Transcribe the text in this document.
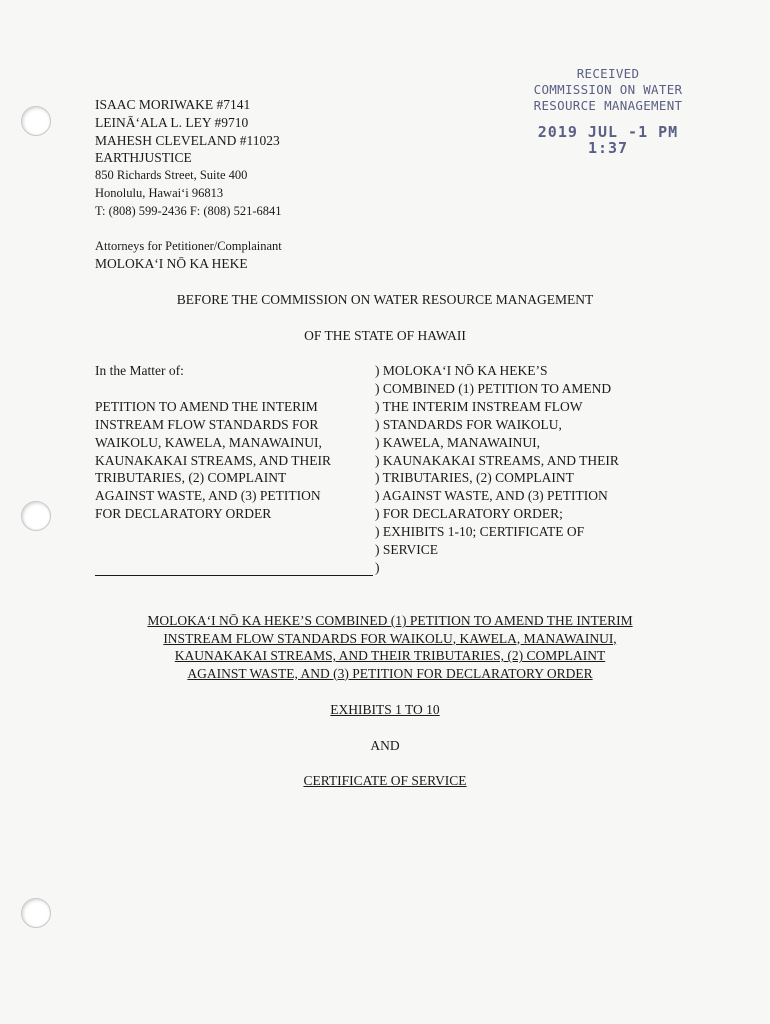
RECEIVED
COMMISSION ON WATER
RESOURCE MANAGEMENT
2019 JUL -1 PM 1:37
ISAAC MORIWAKE #7141
LEINĀ‘ALA L. LEY #9710
MAHESH CLEVELAND #11023
EARTHJUSTICE
850 Richards Street, Suite 400
Honolulu, Hawai‘i 96813
T: (808) 599-2436 F: (808) 521-6841
Attorneys for Petitioner/Complainant
MOLOKA‘I NŌ KA HEKE
BEFORE THE COMMISSION ON WATER RESOURCE MANAGEMENT
OF THE STATE OF HAWAII
In the Matter of:

PETITION TO AMEND THE INTERIM
INSTREAM FLOW STANDARDS FOR
WAIKOLU, KAWELA, MANAWAINUI,
KAUNAKAKAI STREAMS, AND THEIR
TRIBUTARIES, (2) COMPLAINT
AGAINST WASTE, AND (3) PETITION
FOR DECLARATORY ORDER
) MOLOKA‘I NŌ KA HEKE’S
) COMBINED (1) PETITION TO AMEND
) THE INTERIM INSTREAM FLOW
) STANDARDS FOR WAIKOLU,
) KAWELA, MANAWAINUI,
) KAUNAKAKAI STREAMS, AND THEIR
) TRIBUTARIES, (2) COMPLAINT
) AGAINST WASTE, AND (3) PETITION
) FOR DECLARATORY ORDER;
) EXHIBITS 1-10; CERTIFICATE OF
) SERVICE
)
MOLOKA‘I NŌ KA HEKE’S COMBINED (1) PETITION TO AMEND THE INTERIM
INSTREAM FLOW STANDARDS FOR WAIKOLU, KAWELA, MANAWAINUI,
KAUNAKAKAI STREAMS, AND THEIR TRIBUTARIES, (2) COMPLAINT
AGAINST WASTE, AND (3) PETITION FOR DECLARATORY ORDER
EXHIBITS 1 TO 10
AND
CERTIFICATE OF SERVICE
